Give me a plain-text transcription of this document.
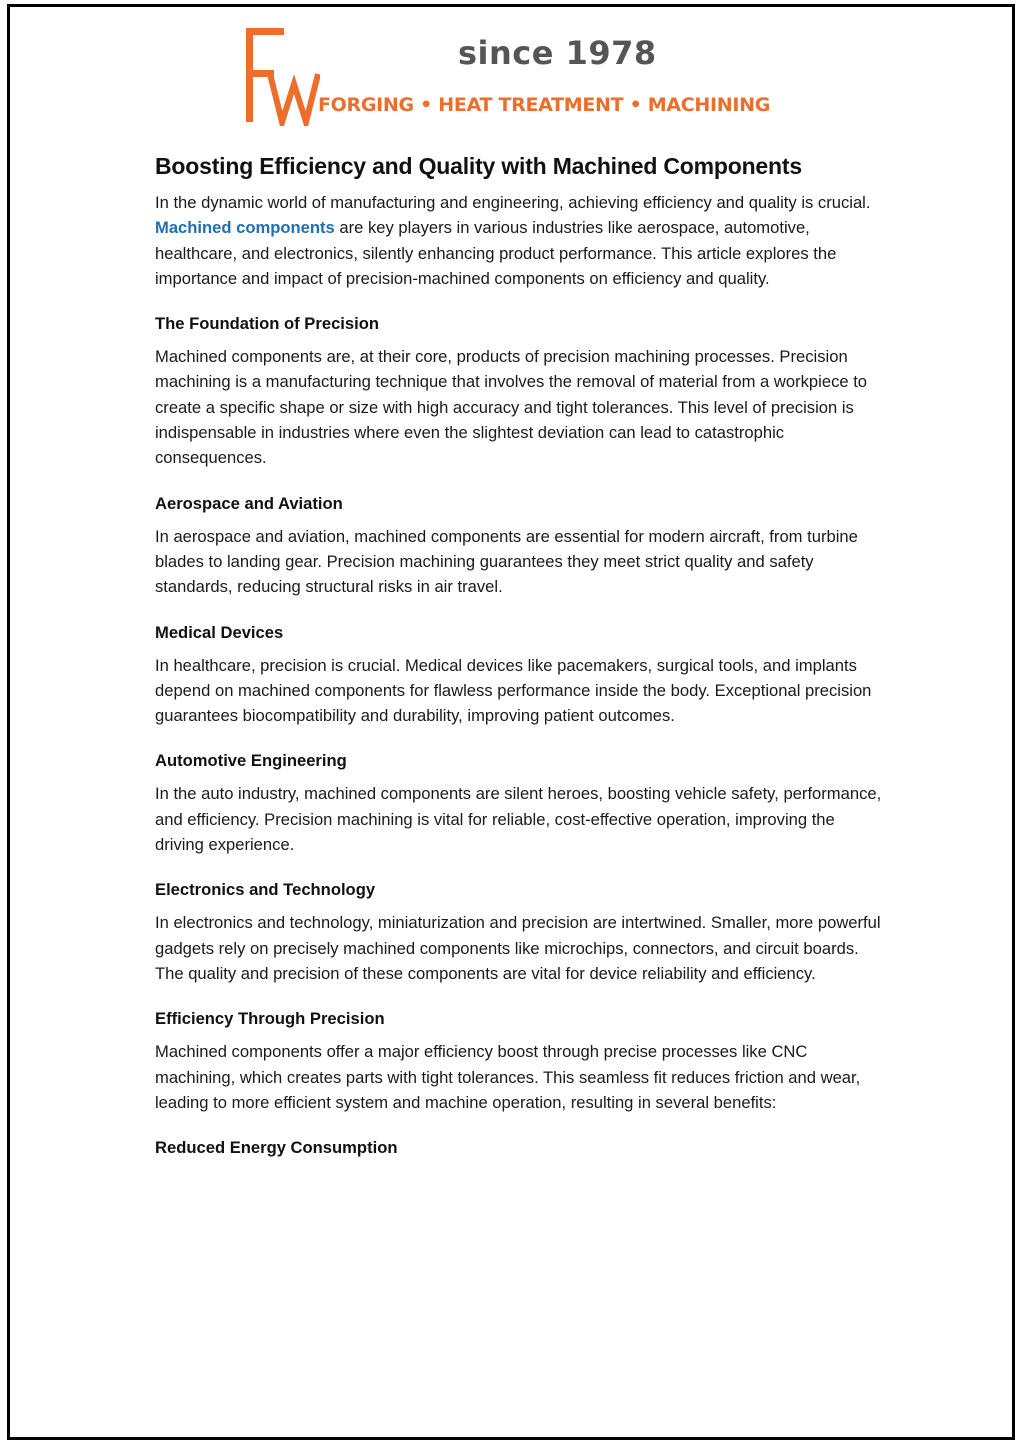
since 1978
FORGING • HEAT TREATMENT • MACHINING
Boosting Efficiency and Quality with Machined Components

In the dynamic world of manufacturing and engineering, achieving efficiency and quality is crucial. Machined components are key players in various industries like aerospace, automotive, healthcare, and electronics, silently enhancing product performance. This article explores the importance and impact of precision-machined components on efficiency and quality.

The Foundation of Precision

Machined components are, at their core, products of precision machining processes. Precision machining is a manufacturing technique that involves the removal of material from a workpiece to create a specific shape or size with high accuracy and tight tolerances. This level of precision is indispensable in industries where even the slightest deviation can lead to catastrophic consequences.

Aerospace and Aviation

In aerospace and aviation, machined components are essential for modern aircraft, from turbine blades to landing gear. Precision machining guarantees they meet strict quality and safety standards, reducing structural risks in air travel.

Medical Devices

In healthcare, precision is crucial. Medical devices like pacemakers, surgical tools, and implants depend on machined components for flawless performance inside the body. Exceptional precision guarantees biocompatibility and durability, improving patient outcomes.

Automotive Engineering

In the auto industry, machined components are silent heroes, boosting vehicle safety, performance, and efficiency. Precision machining is vital for reliable, cost-effective operation, improving the driving experience.

Electronics and Technology

In electronics and technology, miniaturization and precision are intertwined. Smaller, more powerful gadgets rely on precisely machined components like microchips, connectors, and circuit boards. The quality and precision of these components are vital for device reliability and efficiency.

Efficiency Through Precision

Machined components offer a major efficiency boost through precise processes like CNC machining, which creates parts with tight tolerances. This seamless fit reduces friction and wear, leading to more efficient system and machine operation, resulting in several benefits:

Reduced Energy Consumption
